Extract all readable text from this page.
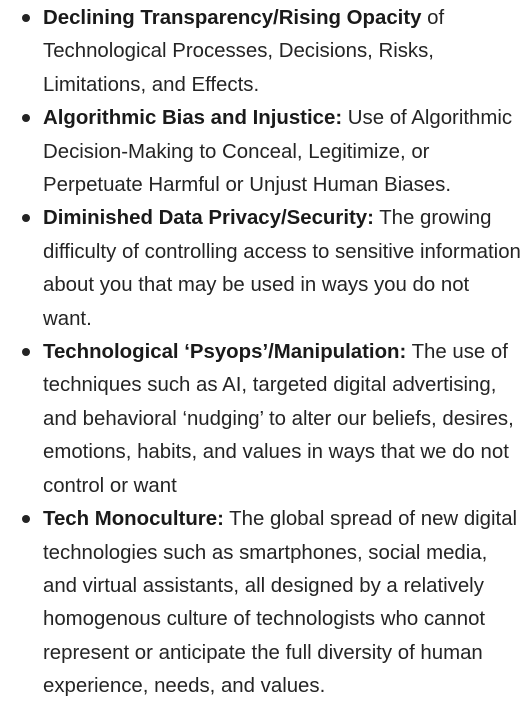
Declining Transparency/Rising Opacity of Technological Processes, Decisions, Risks, Limitations, and Effects.
Algorithmic Bias and Injustice: Use of Algorithmic Decision-Making to Conceal, Legitimize, or Perpetuate Harmful or Unjust Human Biases.
Diminished Data Privacy/Security: The growing difficulty of controlling access to sensitive information about you that may be used in ways you do not want.
Technological ‘Psyops’/Manipulation: The use of techniques such as AI, targeted digital advertising, and behavioral ‘nudging’ to alter our beliefs, desires, emotions, habits, and values in ways that we do not control or want
Tech Monoculture: The global spread of new digital technologies such as smartphones, social media, and virtual assistants, all designed by a relatively homogenous culture of technologists who cannot represent or anticipate the full diversity of human experience, needs, and values.
